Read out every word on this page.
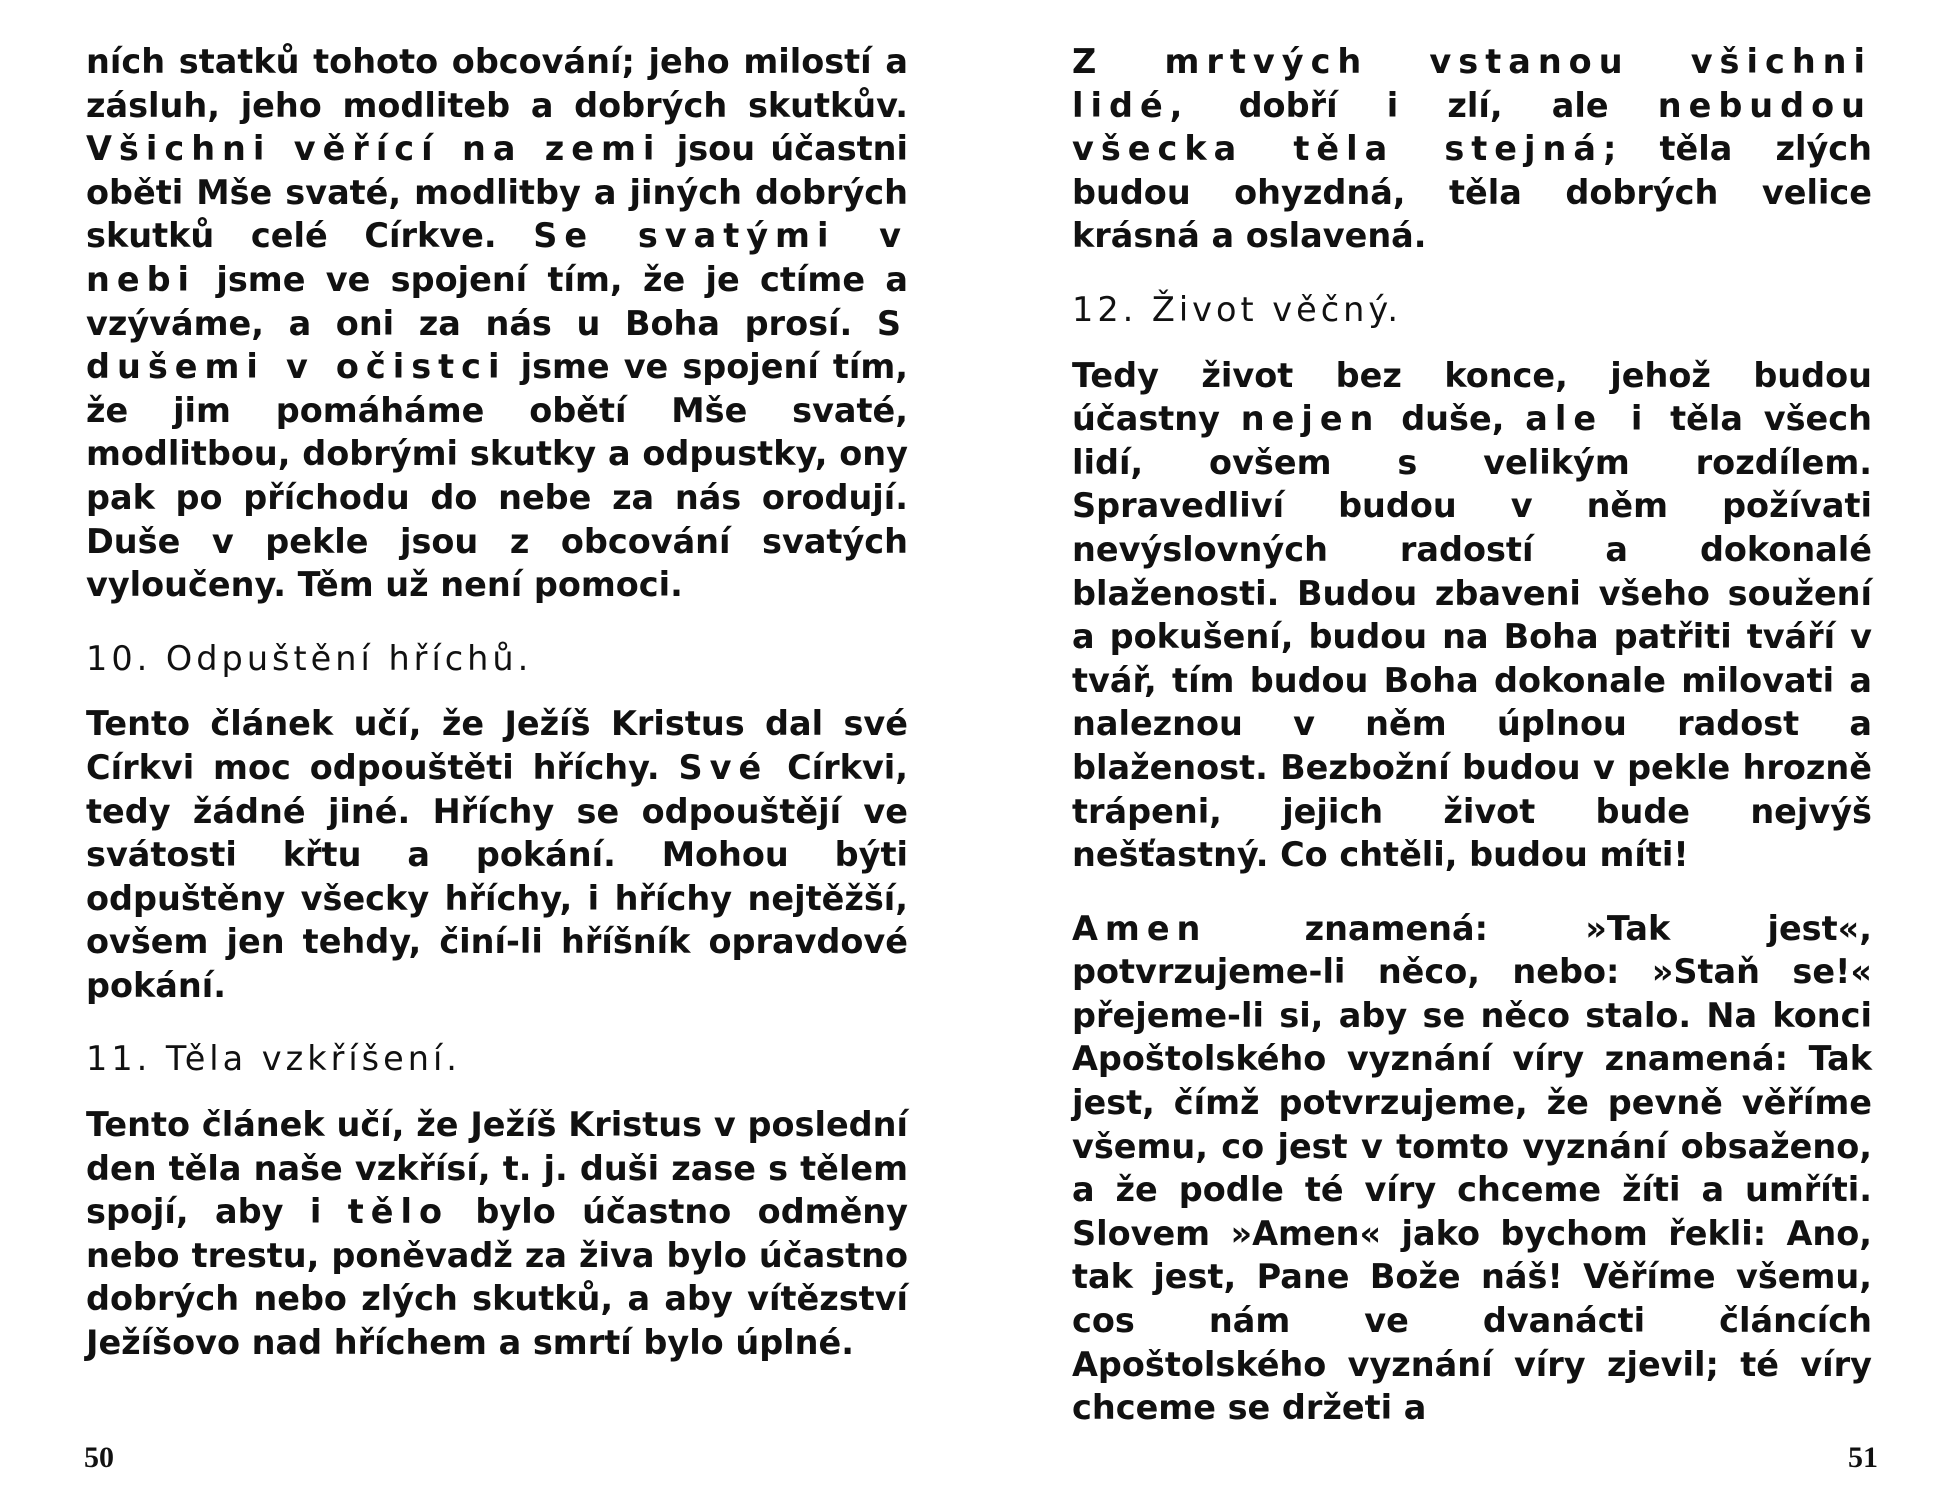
ních statků tohoto obcování; jeho milostí a zásluh, jeho modliteb a dobrých skutkův. Všichni věřící na zemi jsou účastni oběti Mše svaté, modlitby a jiných dobrých skutků celé Církve. Se svatými v nebi jsme ve spojení tím, že je ctíme a vzýváme, a oni za nás u Boha prosí. S dušemi v očistci jsme ve spojení tím, že jim pomáháme obětí Mše svaté, modlitbou, dobrými skutky a odpustky, ony pak po příchodu do nebe za nás orodují. Duše v pekle jsou z obcování svatých vyloučeny. Těm už není pomoci.

10. Odpuštění hříchů.

Tento článek učí, že Ježíš Kristus dal své Církvi moc odpouštěti hříchy. Své Církvi, tedy žádné jiné. Hříchy se odpouštějí ve svátosti křtu a pokání. Mohou býti odpuštěny všecky hříchy, i hříchy nejtěžší, ovšem jen tehdy, činí-li hříšník opravdové pokání.

11. Těla vzkříšení.

Tento článek učí, že Ježíš Kristus v poslední den těla naše vzkřísí, t. j. duši zase s tělem spojí, aby i tělo bylo účastno odměny nebo trestu, poněvadž za živa bylo účastno dobrých nebo zlých skutků, a aby vítězství Ježíšovo nad hříchem a smrtí bylo úplné.

50

Z mrtvých vstanou všichni lidé, dobří i zlí, ale nebudou všecka těla stejná; těla zlých budou ohyzdná, těla dobrých velice krásná a oslavená.

12. Život věčný.

Tedy život bez konce, jehož budou účastny nejen duše, ale i těla všech lidí, ovšem s velikým rozdílem. Spravedliví budou v něm požívati nevýslovných radostí a dokonalé blaženosti. Budou zbaveni všeho soužení a pokušení, budou na Boha patřiti tváří v tvář, tím budou Boha dokonale milovati a naleznou v něm úplnou radost a blaženost. Bezbožní budou v pekle hrozně trápeni, jejich život bude nejvýš nešťastný. Co chtěli, budou míti!

Amen znamená: »Tak jest«, potvrzujeme-li něco, nebo: »Staň se!« přejeme-li si, aby se něco stalo. Na konci Apoštolského vyznání víry znamená: Tak jest, čímž potvrzujeme, že pevně věříme všemu, co jest v tomto vyznání obsaženo, a že podle té víry chceme žíti a umříti. Slovem »Amen« jako bychom řekli: Ano, tak jest, Pane Bože náš! Věříme všemu, cos nám ve dvanácti článcích Apoštolského vyznání víry zjevil; té víry chceme se držeti a

51
